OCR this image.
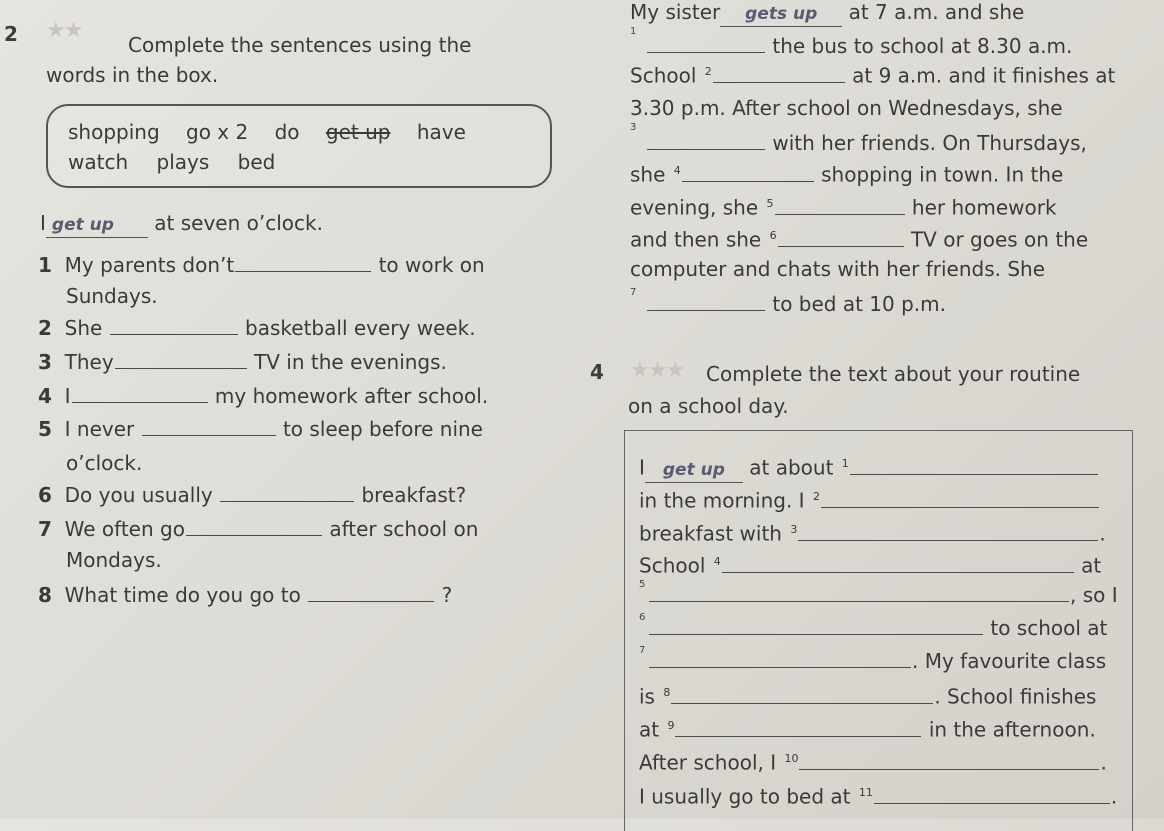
2 ★★
Complete the sentences using the
words in the box.
shopping go x 2 do get up have
watch plays bed
I get up at seven o’clock.
1 My parents don’t	to work on
Sundays.
2 She	basketball every week.
3 They	TV in the evenings.
4 I	my homework after school.
5 I never	to sleep before nine
o’clock.
6 Do you usually	breakfast?
7 We often go	after school on
Mondays.
8 What time do you go to	?
My sister gets up at 7 a.m. and she
1
the bus to school at 8.30 a.m.
School $^2$	at 9 a.m. and it finishes at
3.30 p.m. After school on Wednesdays, she
3
with her friends. On Thursdays,
she $^4$	shopping in town. In the
evening, she $^5$	her homework
and then she $^6$	TV or goes on the
computer and chats with her friends. She
7	to bed at 10 p.m.
4 ★★★ Complete the text about your routine
on a school day.
I get up at about $^1$
in the morning. I $^2$
breakfast with $^3$	.
School $^4$	at
5	, so I
6	to school at
7	. My favourite class
is $^8$	. School finishes
at $^9$	in the afternoon.
After school, I $^{10}$	.
I usually go to bed at $^{11}$	.
